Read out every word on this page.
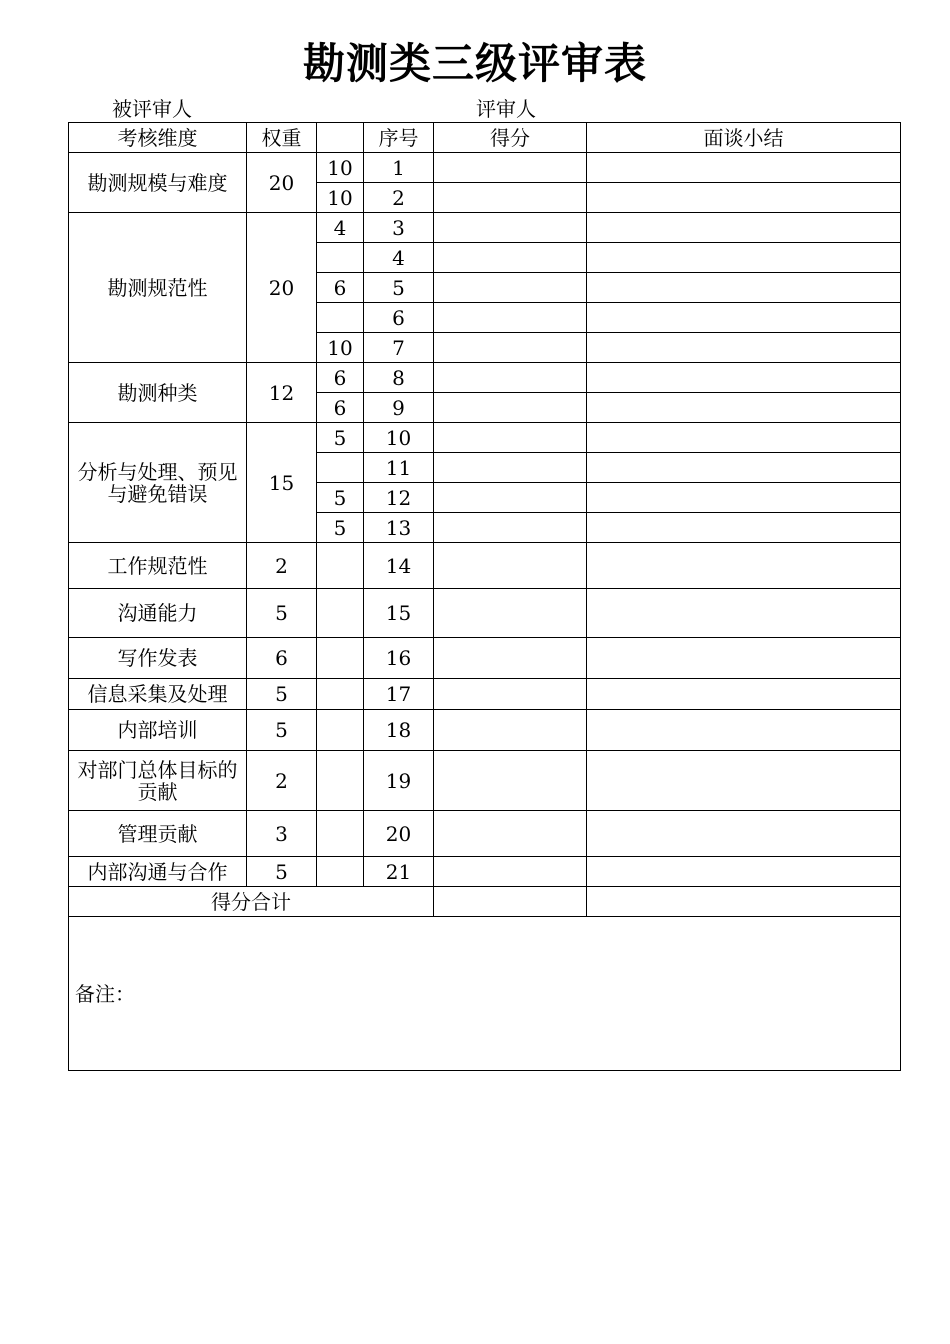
勘测类三级评审表
被评审人	评审人
考核维度	权重		序号	得分	面谈小结
勘测规模与难度	20	10	1		
		10	2		
勘测规范性	20	4	3		
			4		
		6	5		
			6		
		10	7		
勘测种类	12	6	8		
		6	9		
分析与处理、预见与避免错误	15	5	10		
			11		
		5	12		
		5	13		
工作规范性	2		14		
沟通能力	5		15		
写作发表	6		16		
信息采集及处理	5		17		
内部培训	5		18		
对部门总体目标的贡献	2		19		
管理贡献	3		20		
内部沟通与合作	5		21		
得分合计					
备注：					
